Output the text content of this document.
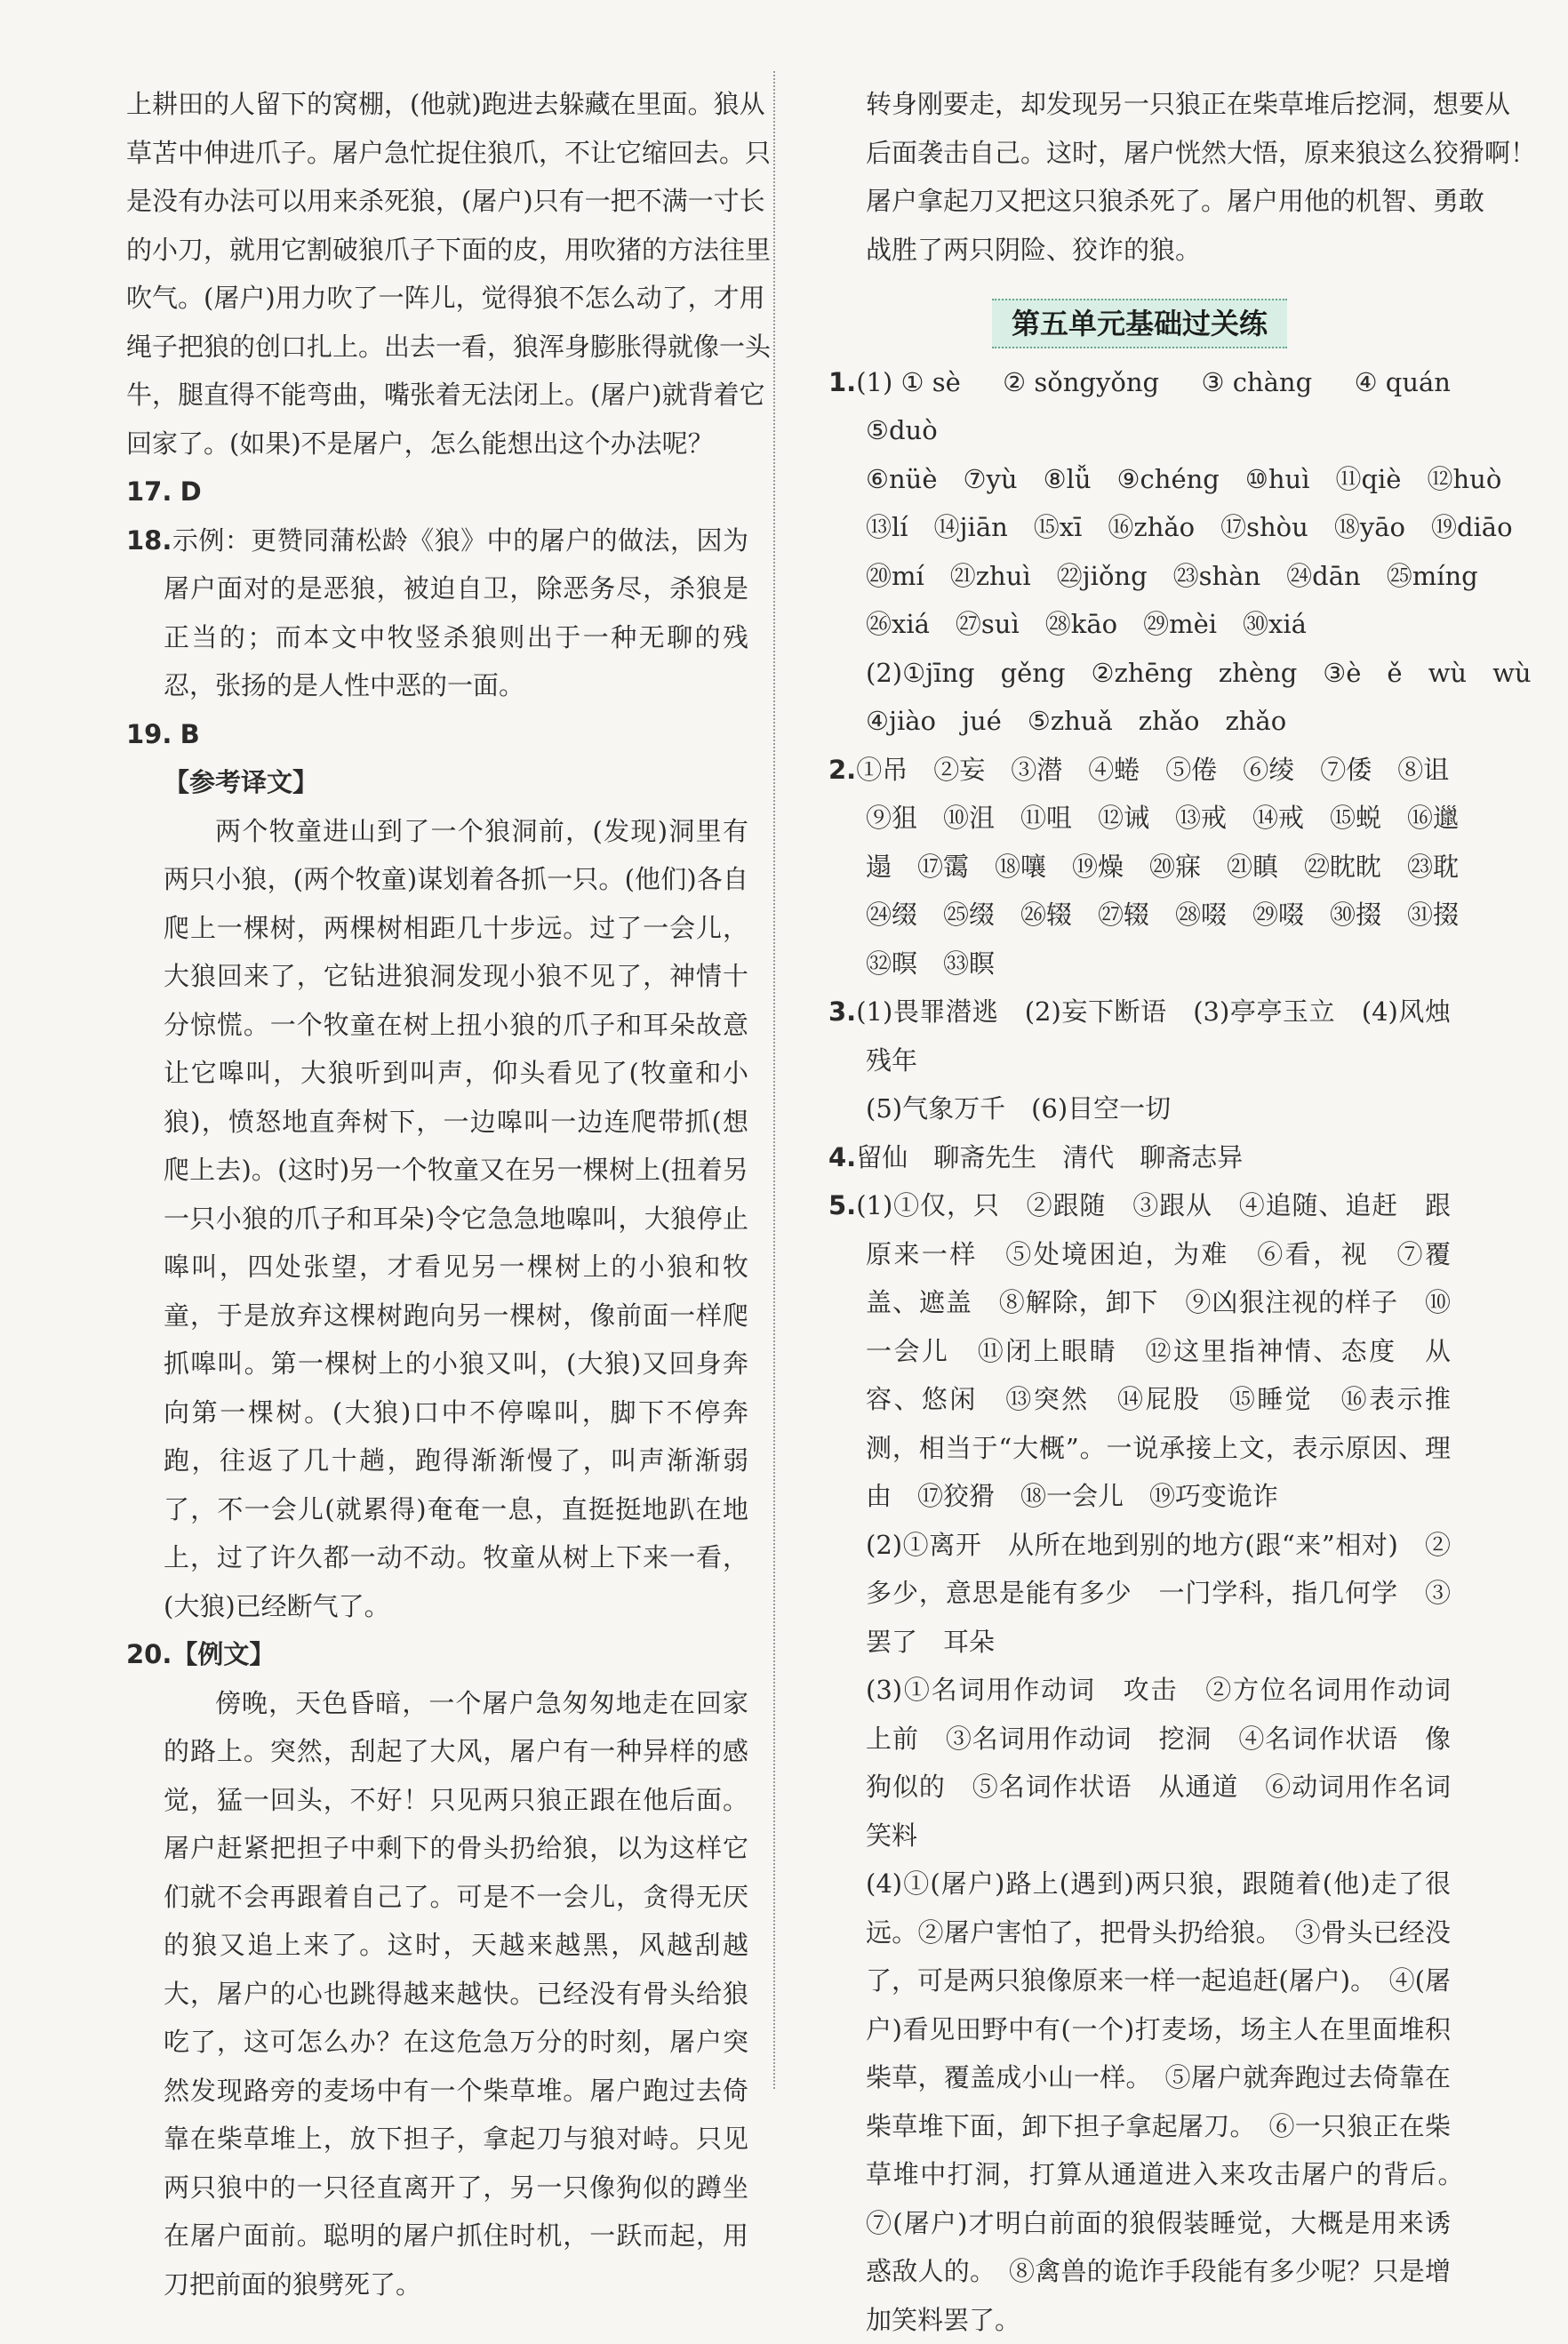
上耕田的人留下的窝棚，(他就)跑进去躲藏在里面。狼从
草苫中伸进爪子。屠户急忙捉住狼爪，不让它缩回去。只
是没有办法可以用来杀死狼，(屠户)只有一把不满一寸长
的小刀，就用它割破狼爪子下面的皮，用吹猪的方法往里
吹气。(屠户)用力吹了一阵儿，觉得狼不怎么动了，才用
绳子把狼的创口扎上。出去一看，狼浑身膨胀得就像一头
牛，腿直得不能弯曲，嘴张着无法闭上。(屠户)就背着它
回家了。(如果)不是屠户，怎么能想出这个办法呢？
17. D
18.示例：更赞同蒲松龄《狼》中的屠户的做法，因为屠户面对的是恶狼，被迫自卫，除恶务尽，杀狼是正当的；而本文中牧竖杀狼则出于一种无聊的残忍，张扬的是人性中恶的一面。
19. B
【参考译文】
两个牧童进山到了一个狼洞前，(发现)洞里有两只小狼，(两个牧童)谋划着各抓一只。(他们)各自爬上一棵树，两棵树相距几十步远。过了一会儿，大狼回来了，它钻进狼洞发现小狼不见了，神情十分惊慌。一个牧童在树上扭小狼的爪子和耳朵故意让它嗥叫，大狼听到叫声，仰头看见了(牧童和小狼)，愤怒地直奔树下，一边嗥叫一边连爬带抓(想爬上去)。(这时)另一个牧童又在另一棵树上(扭着另一只小狼的爪子和耳朵)令它急急地嗥叫，大狼停止嗥叫，四处张望，才看见另一棵树上的小狼和牧童，于是放弃这棵树跑向另一棵树，像前面一样爬抓嗥叫。第一棵树上的小狼又叫，(大狼)又回身奔向第一棵树。(大狼)口中不停嗥叫，脚下不停奔跑，往返了几十趟，跑得渐渐慢了，叫声渐渐弱了，不一会儿(就累得)奄奄一息，直挺挺地趴在地上，过了许久都一动不动。牧童从树上下来一看，(大狼)已经断气了。
20.【例文】
傍晚，天色昏暗，一个屠户急匆匆地走在回家的路上。突然，刮起了大风，屠户有一种异样的感觉，猛一回头，不好！只见两只狼正跟在他后面。屠户赶紧把担子中剩下的骨头扔给狼，以为这样它们就不会再跟着自己了。可是不一会儿，贪得无厌的狼又追上来了。这时，天越来越黑，风越刮越大，屠户的心也跳得越来越快。已经没有骨头给狼吃了，这可怎么办？在这危急万分的时刻，屠户突然发现路旁的麦场中有一个柴草堆。屠户跑过去倚靠在柴草堆上，放下担子，拿起刀与狼对峙。只见两只狼中的一只径直离开了，另一只像狗似的蹲坐在屠户面前。聪明的屠户抓住时机，一跃而起，用刀把前面的狼劈死了。
转身刚要走，却发现另一只狼正在柴草堆后挖洞，想要从
后面袭击自己。这时，屠户恍然大悟，原来狼这么狡猾啊！
屠户拿起刀又把这只狼杀死了。屠户用他的机智、勇敢
战胜了两只阴险、狡诈的狼。
第五单元基础过关练
1.(1)①sè　②sǒngyǒng　③chàng　④quán　⑤duò
⑥nüè　⑦yù　⑧lǚ　⑨chéng　⑩huì　⑪qiè　⑫huò
⑬lí　⑭jiān　⑮xī　⑯zhǎo　⑰shòu　⑱yāo　⑲diāo
⑳mí　㉑zhuì　㉒jiǒng　㉓shàn　㉔dān　㉕míng
㉖xiá　㉗suì　㉘kāo　㉙mèi　㉚xiá
(2)①jīng　gěng　②zhēng　zhèng　③è　ě　wù　wù
④jiào　jué　⑤zhuǎ　zhǎo　zhǎo
2.①吊　②妄　③潜　④蜷　⑤倦　⑥绫　⑦倭　⑧诅
⑨狙　⑩沮　⑪咀　⑫诫　⑬戒　⑭戒　⑮蜕　⑯邋
遢　⑰霭　⑱嚷　⑲燥　⑳寐　㉑瞋　㉒眈眈　㉓耽
㉔缀　㉕缀　㉖辍　㉗辍　㉘啜　㉙啜　㉚掇　㉛掇
㉜暝　㉝瞑
3.(1)畏罪潜逃　(2)妄下断语　(3)亭亭玉立　(4)风烛残年
(5)气象万千　(6)目空一切
4.留仙　聊斋先生　清代　聊斋志异
5.(1)①仅，只　②跟随　③跟从　④追随、追赶　跟原来一样　⑤处境困迫，为难　⑥看，视　⑦覆盖、遮盖　⑧解除，卸下　⑨凶狠注视的样子　⑩一会儿　⑪闭上眼睛　⑫这里指神情、态度　从容、悠闲　⑬突然　⑭屁股　⑮睡觉　⑯表示推测，相当于“大概”。一说承接上文，表示原因、理由　⑰狡猾　⑱一会儿　⑲巧变诡诈
(2)①离开　从所在地到别的地方(跟“来”相对)　②多少，意思是能有多少　一门学科，指几何学　③罢了　耳朵
(3)①名词用作动词　攻击　②方位名词用作动词　上前　③名词用作动词　挖洞　④名词作状语　像狗似的　⑤名词作状语　从通道　⑥动词用作名词　笑料
(4)①(屠户)路上(遇到)两只狼，跟随着(他)走了很远。②屠户害怕了，把骨头扔给狼。　③骨头已经没了，可是两只狼像原来一样一起追赶(屠户)。　④(屠户)看见田野中有(一个)打麦场，场主人在里面堆积柴草，覆盖成小山一样。　⑤屠户就奔跑过去倚靠在柴草堆下面，卸下担子拿起屠刀。　⑥一只狼正在柴草堆中打洞，打算从通道进入来攻击屠户的背后。　⑦(屠户)才明白前面的狼假装睡觉，大概是用来诱惑敌人的。　⑧禽兽的诡诈手段能有多少呢？只是增加笑料罢了。
